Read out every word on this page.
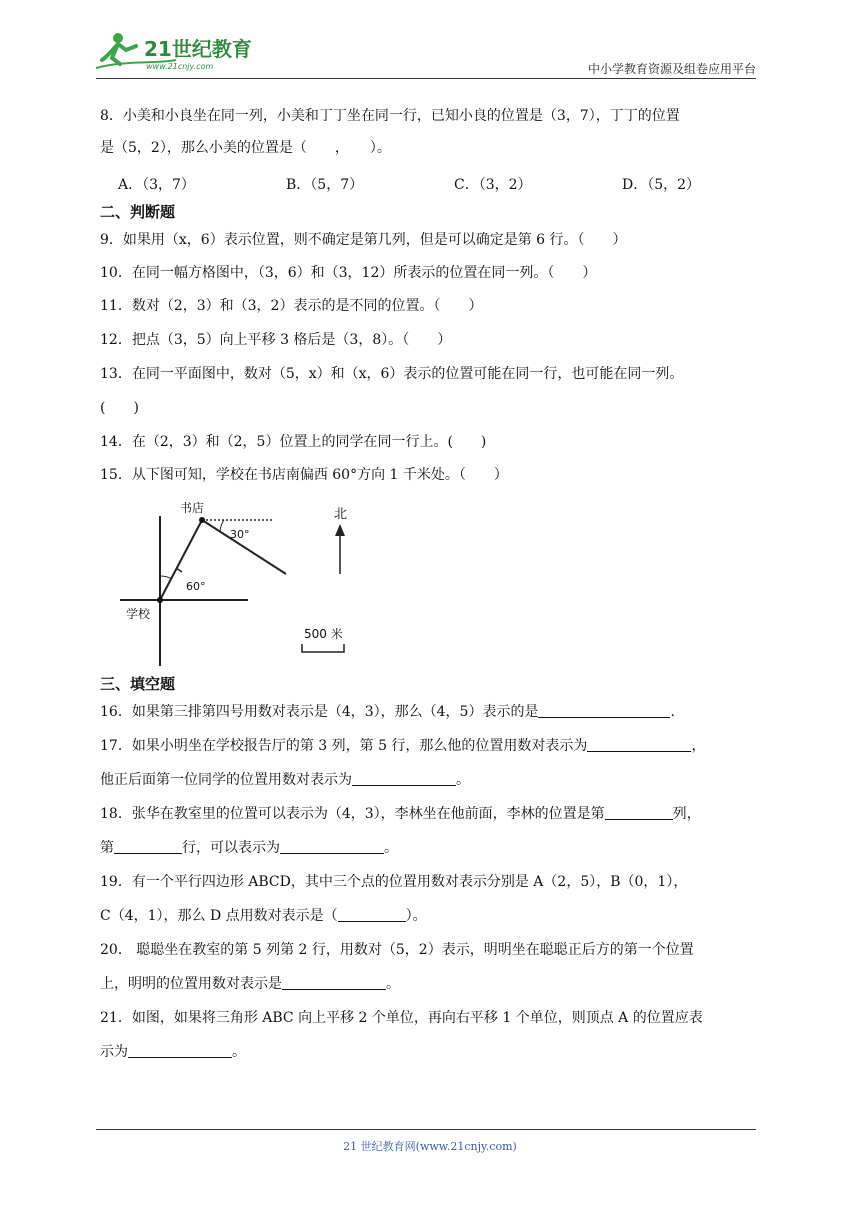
21世纪教育
www.21cnjy.com	中小学教育资源及组卷应用平台
8．小美和小良坐在同一列，小美和丁丁坐在同一行，已知小良的位置是（3，7），丁丁的位置
是（5，2），那么小美的位置是（　　，　　）。
A．（3，7）	B．（5，7）	C．（3，2）	D．（5，2）
二、判断题
9．如果用（x，6）表示位置，则不确定是第几列，但是可以确定是第 6 行。（　　）
10．在同一幅方格图中，（3，6）和（3，12）所表示的位置在同一列。（　　）
11．数对（2，3）和（3，2）表示的是不同的位置。（　　）
12．把点（3，5）向上平移 3 格后是（3，8）。（　　）
13．在同一平面图中，数对（5，x）和（x，6）表示的位置可能在同一行，也可能在同一列。
(　　)
14．在（2，3）和（2，5）位置上的同学在同一行上。(　　)
15．从下图可知，学校在书店南偏西 60°方向 1 千米处。（　　）
书店
学校
30°
60°
北
500 米
三、填空题
16．如果第三排第四号用数对表示是（4，3），那么（4，5）表示的是	.
17．如果小明坐在学校报告厅的第 3 列，第 5 行，那么他的位置用数对表示为	，
他正后面第一位同学的位置用数对表示为	。
18．张华在教室里的位置可以表示为（4，3），李林坐在他前面，李林的位置是第	列，
第	行，可以表示为	。
19．有一个平行四边形 ABCD，其中三个点的位置用数对表示分别是 A（2，5），B（0，1），
C（4，1），那么 D 点用数对表示是（	）。
20． 聪聪坐在教室的第 5 列第 2 行，用数对（5，2）表示，明明坐在聪聪正后方的第一个位置
上，明明的位置用数对表示是	。
21．如图，如果将三角形 ABC 向上平移 2 个单位，再向右平移 1 个单位，则顶点 A 的位置应表
示为	。
21 世纪教育网(www.21cnjy.com)
